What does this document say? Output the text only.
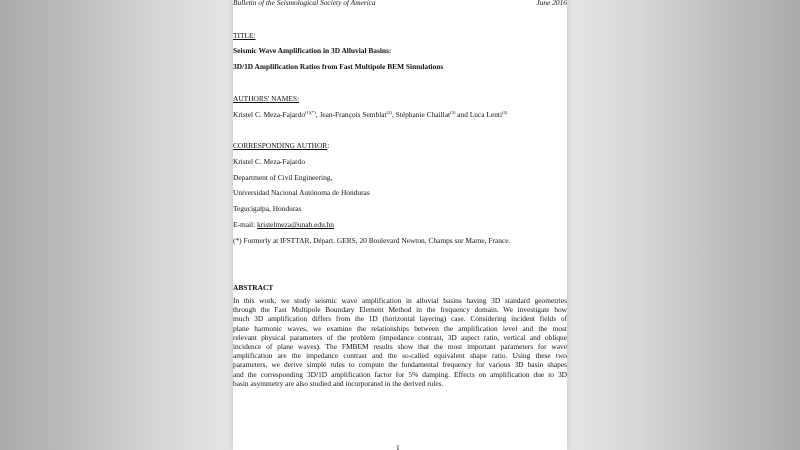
Bulletin of the Seismological Society of America	June 2016
TITLE:
Seismic Wave Amplification in 3D Alluvial Basins:
3D/1D Amplification Ratios from Fast Multipole BEM Simulations
AUTHORS' NAMES:
Kristel C. Meza-Fajardo$^{(1)(*)}$, Jean-François Semblat$^{(2)}$, Stéphanie Chaillat$^{(3)}$ and Luca Lenti$^{(4)}$
CORRESPONDING AUTHOR:
Kristel C. Meza-Fajardo
Department of Civil Engineering,
Universidad Nacional Autónoma de Honduras
Tegucigalpa, Honduras
E-mail: kristelmeza@unah.edu.hn
(*) Formerly at IFSTTAR, Départ. GERS, 20 Boulevard Newton, Champs sur Marne, France.
ABSTRACT
In this work, we study seismic wave amplification in alluvial basins having 3D standard geometries
through the Fast Multipole Boundary Element Method in the frequency domain. We investigate how
much 3D amplification differs from the 1D (horizontal layering) case. Considering incident fields of
plane harmonic waves, we examine the relationships between the amplification level and the most
relevant physical parameters of the problem (impedance contrast, 3D aspect ratio, vertical and oblique
incidence of plane waves). The FMBEM results show that the most important parameters for wave
amplification are the impedance contrast and the so-called equivalent shape ratio. Using these two
parameters, we derive simple rules to compute the fundamental frequency for various 3D basin shapes
and the corresponding 3D/1D amplification factor for 5% damping. Effects on amplification due to 3D
basin asymmetry are also studied and incorporated in the derived rules.
1
